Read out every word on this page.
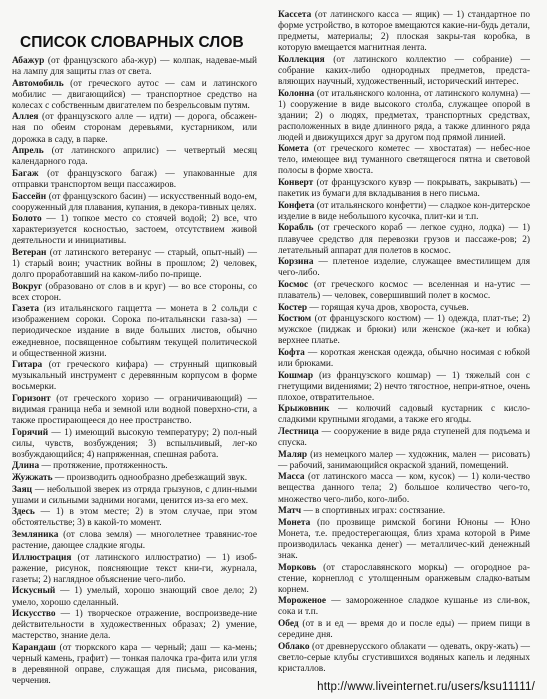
СПИСОК СЛОВАРНЫХ СЛОВ

Абажур (от французского аба-жур) — колпак, надевае-мый на лампу для защиты глаз от света.

Автомобиль (от греческого аутос — сам и латинского мобилис — двигающийся) — транспортное средство на колесах с собственным двигателем по безрельсовым путям.

Аллея (от французского алле — идти) — дорога, обсажен-ная по обеим сторонам деревьями, кустарником, или дорожка в саду, в парке.

Апрель (от латинского априлис) — четвертый месяц календарного года.

Багаж (от французского багаж) — упакованные для отправки транспортом вещи пассажиров.

Бассейн (от французского басин) — искусственный водо-ем, сооруженный для плавания, купания, в декора-тивных целях.

Болото — 1) топкое место со стоячей водой; 2) все, что характеризуется косностью, застоем, отсутствием живой деятельности и инициативы.

Ветеран (от латинского ветеранус — старый, опыт-ный) — 1) старый воин; участник войны в прошлом; 2) человек, долго проработавший на каком-либо по-прище.

Вокруг (образовано от слов в и круг) — во все стороны, со всех сторон.

Газета (из итальянского гаццетта — монета в 2 сольди с изображением сороки. Сорока по-итальянски газа-за) — периодическое издание в виде больших листов, обычно ежедневное, посвященное событиям текущей политической и общественной жизни.

Гитара (от греческого кифара) — струнный щипковый музыкальный инструмент с деревянным корпусом в форме восьмерки.

Горизонт (от греческого хоризо — ограничивающий) — видимая граница неба и земной или водной поверхно-сти, а также простирающееся до нее пространство.

Горячий — 1) имеющий высокую температуру; 2) пол-ный силы, чувств, возбуждения; 3) вспыльчивый, лег-ко возбуждающийся; 4) напряженная, спешная работа.

Длина — протяжение, протяженность.

Жужжать — производить однообразно дребезжащий звук.

Заяц — небольшой зверек из отряда грызунов, с длин-ными ушами и сильными задними ногами, ценится из-за его мех.

Здесь — 1) в этом месте; 2) в этом случае, при этом обстоятельстве; 3) в какой-то момент.

Земляника (от слова земля) — многолетнее травянис-тое растение, дающее сладкие ягоды.

Иллюстрация (от латинского иллюстратио) — 1) изоб-ражение, рисунок, поясняющие текст кни-ги, журнала, газеты; 2) наглядное объяснение чего-либо.

Искусный — 1) умелый, хорошо знающий свое дело; 2) умело, хорошо сделанный.

Искусство — 1) творческое отражение, воспроизведе-ние действительности в художественных образах; 2) умение, мастерство, знание дела.

Карандаш (от тюркского кара — черный; даш — ка-мень; черный камень, графит) — тонкая палочка гра-фита или угля в деревянной оправе, служащая для письма, рисования, черчения.

Кассета (от латинского касса — ящик) — 1) стандартное по форме устройство, в которое вмещаются какие-ни-будь детали, предметы, материалы; 2) плоская закры-тая коробка, в которую вмещается магнитная лента.

Коллекция (от латинского коллектио — собрание) — собрание каких-либо однородных предметов, предста-вляющих научный, художественный, исторический интерес.

Колонна (от итальянского колонна, от латинского колумна) — 1) сооружение в виде высокого столба, служащее опорой в здании; 2) о людях, предметах, транспортных средствах, расположенных в виде длинного ряда, а также длинного ряда людей и движущихся друг за другом под прямой линией.

Комета (от греческого кометес — хвостатая) — небес-ное тело, имеющее вид туманного светящегося пятна и световой полосы в форме хвоста.

Конверт (от французского кувэр — покрывать, закрывать) — пакетик из бумаги для вкладывания в него письма.

Конфета (от итальянского конфетти) — сладкое кон-дитерское изделие в виде небольшого кусочка, плит-ки и т.п.

Корабль (от греческого кораб — легкое судно, лодка) — 1) плавучее средство для перевозки грузов и пассаже-ров; 2) летательный аппарат для полетов в космос.

Корзина — плетеное изделие, служащее вместилищем для чего-либо.

Космос (от греческого космос — вселенная и на-утис — плаватель) — человек, совершивший полет в космос.

Костер — горящая куча дров, хвороста, сучьев.

Костюм (от французского костюм) — 1) одежда, плат-тье; 2) мужское (пиджак и брюки) или женское (жа-кет и юбка) верхнее платье.

Кофта — короткая женская одежда, обычно носимая с юбкой или брюками.

Кошмар (из французского кошмар) — 1) тяжелый сон с гнетущими видениями; 2) нечто тягостное, непри-ятное, очень плохое, отвратительное.

Крыжовник — колючий садовый кустарник с кисло-сладкими крупными ягодами, а также его ягоды.

Лестница — сооружение в виде ряда ступеней для подъема и спуска.

Маляр (из немецкого малер — художник, мален — рисовать) — рабочий, занимающийся окраской зданий, помещений.

Масса (от латинского масса — ком, кусок) — 1) коли-чество вещества данного тела; 2) большое количество чего-то, множество чего-либо, кого-либо.

Матч — в спортивных играх: состязание.

Монета (по прозвище римской богини Юноны — Юно Монета, т.е. предостерегающая, близ храма которой в Риме производилась чеканка денег) — металличес-кий денежный знак.

Морковь (от старославянского моркы) — огородное ра-стение, корнеплод с утолщенным оранжевым сладко-ватым корнем.

Мороженое — замороженное сладкое кушанье из сли-вок, сока и т.п.

Обед (от в и ед — время до и после еды) — прием пищи в середине дня.

Облако (от древнерусского облакати — одевать, окру-жать) — светло-серые клубы сгустившихся водяных капель и ледяных кристаллов.

http://www.liveinternet.ru/users/ksu11111/
